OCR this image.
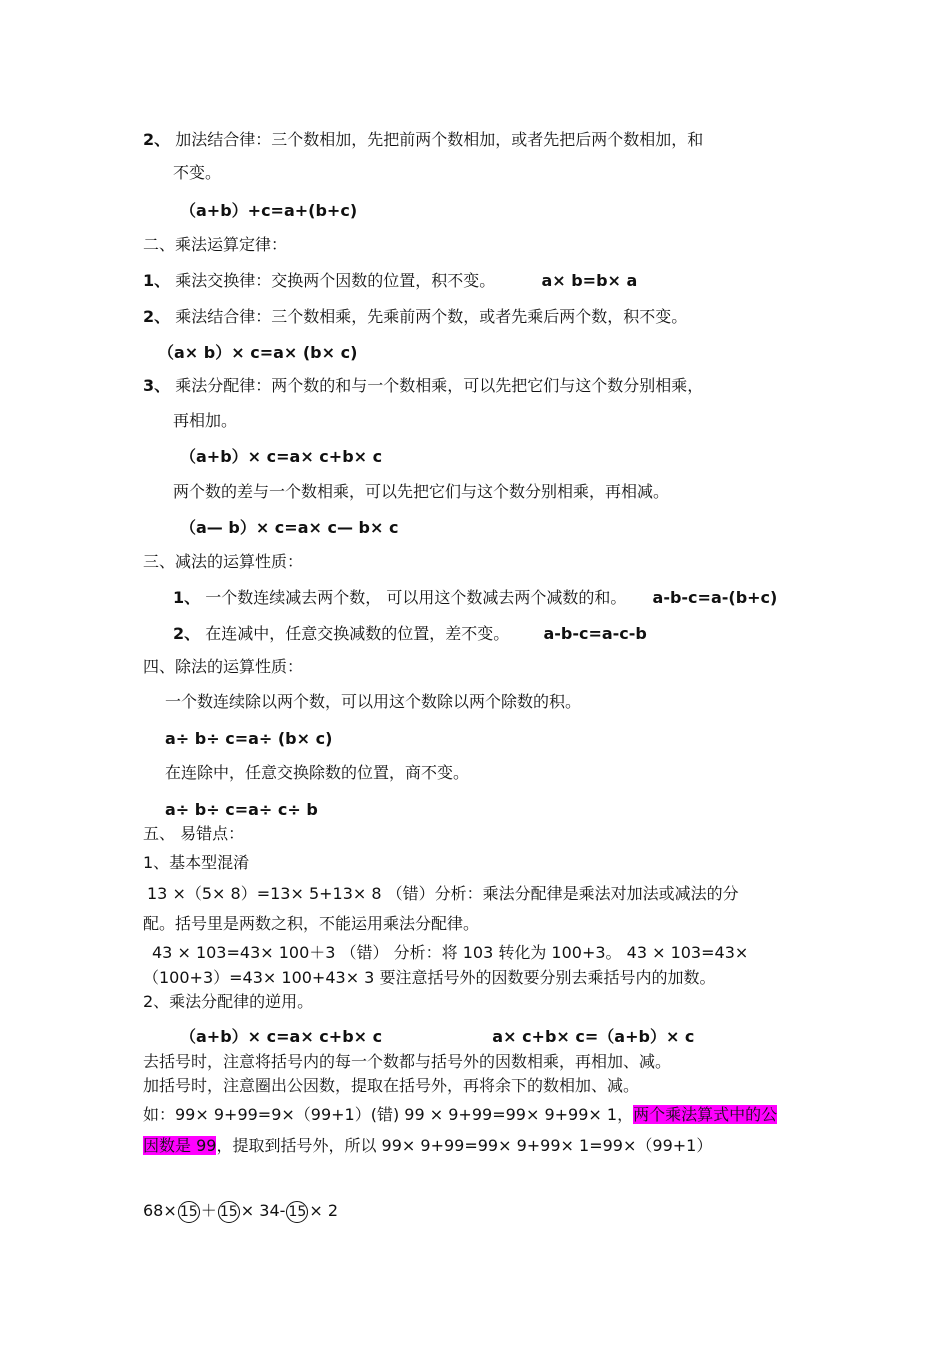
2、 加法结合律：三个数相加，先把前两个数相加，或者先把后两个数相加，和
不变。
（a+b）+c=a+(b+c)
二、乘法运算定律：
1、 乘法交换律：交换两个因数的位置，积不变。	a× b=b× a
2、 乘法结合律：三个数相乘，先乘前两个数，或者先乘后两个数，积不变。
（a× b）× c=a× (b× c)
3、 乘法分配律：两个数的和与一个数相乘，可以先把它们与这个数分别相乘，
再相加。
（a+b）× c=a× c+b× c
两个数的差与一个数相乘，可以先把它们与这个数分别相乘，再相减。
（a— b）× c=a× c— b× c
三、减法的运算性质：
1、 一个数连续减去两个数， 可以用这个数减去两个减数的和。 a-b-c=a-(b+c)
2、 在连减中，任意交换减数的位置，差不变。 a-b-c=a-c-b
四、除法的运算性质：
一个数连续除以两个数，可以用这个数除以两个除数的积。
a÷ b÷ c=a÷ (b× c)
在连除中，任意交换除数的位置，商不变。
a÷ b÷ c=a÷ c÷ b
五、 易错点：
1、基本型混淆
13 ×（5× 8）=13× 5+13× 8 （错）分析：乘法分配律是乘法对加法或减法的分
配。括号里是两数之积，不能运用乘法分配律。
43 × 103=43× 100＋3 （错） 分析：将 103 转化为 100+3。 43 × 103=43×
（100+3）=43× 100+43× 3 要注意括号外的因数要分别去乘括号内的加数。
2、乘法分配律的逆用。
（a+b）× c=a× c+b× c	a× c+b× c=（a+b）× c
去括号时，注意将括号内的每一个数都与括号外的因数相乘，再相加、减。
加括号时，注意圈出公因数，提取在括号外，再将余下的数相加、减。
如：99× 9+99=9×（99+1）(错) 99 × 9+99=99× 9+99× 1，两个乘法算式中的公
因数是 99，提取到括号外，所以 99× 9+99=99× 9+99× 1=99×（99+1）
68× 15 ＋ 15 × 34- 15 × 2
